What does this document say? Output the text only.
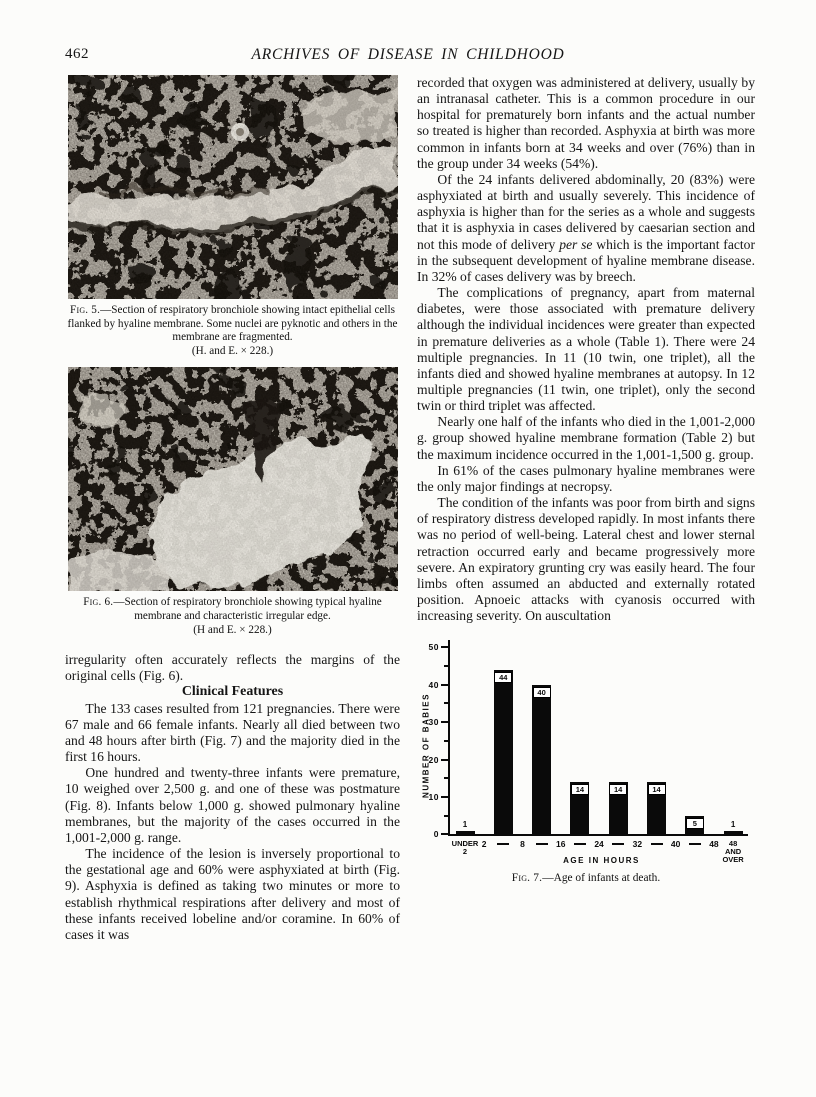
462	ARCHIVES OF DISEASE IN CHILDHOOD
Fig. 5.—Section of respiratory bronchiole showing intact epithelial cells flanked by hyaline membrane. Some nuclei are pyknotic and others in the membrane are fragmented.
(H. and E. × 228.)
Fig. 6.—Section of respiratory bronchiole showing typical hyaline membrane and characteristic irregular edge.
(H and E. × 228.)

irregularity often accurately reflects the margins of the original cells (Fig. 6).

Clinical Features

The 133 cases resulted from 121 pregnancies. There were 67 male and 66 female infants. Nearly all died between two and 48 hours after birth (Fig. 7) and the majority died in the first 16 hours.

One hundred and twenty-three infants were premature, 10 weighed over 2,500 g. and one of these was postmature (Fig. 8). Infants below 1,000 g. showed pulmonary hyaline membranes, but the majority of the cases occurred in the 1,001-2,000 g. range.

The incidence of the lesion is inversely proportional to the gestational age and 60% were asphyxiated at birth (Fig. 9). Asphyxia is defined as taking two minutes or more to establish rhythmical respirations after delivery and most of these infants received lobeline and/or coramine. In 60% of cases it was

recorded that oxygen was administered at delivery, usually by an intranasal catheter. This is a common procedure in our hospital for prematurely born infants and the actual number so treated is higher than recorded. Asphyxia at birth was more common in infants born at 34 weeks and over (76%) than in the group under 34 weeks (54%).

Of the 24 infants delivered abdominally, 20 (83%) were asphyxiated at birth and usually severely. This incidence of asphyxia is higher than for the series as a whole and suggests that it is asphyxia in cases delivered by caesarian section and not this mode of delivery per se which is the important factor in the subsequent development of hyaline membrane disease. In 32% of cases delivery was by breech.

The complications of pregnancy, apart from maternal diabetes, were those associated with premature delivery although the individual incidences were greater than expected in premature deliveries as a whole (Table 1). There were 24 multiple pregnancies. In 11 (10 twin, one triplet), all the infants died and showed hyaline membranes at autopsy. In 12 multiple pregnancies (11 twin, one triplet), only the second twin or third triplet was affected.

Nearly one half of the infants who died in the 1,001-2,000 g. group showed hyaline membrane formation (Table 2) but the maximum incidence occurred in the 1,001-1,500 g. group.

In 61% of the cases pulmonary hyaline membranes were the only major findings at necropsy.

The condition of the infants was poor from birth and signs of respiratory distress developed rapidly. In most infants there was no period of well-being. Lateral chest and lower sternal retraction occurred early and became progressively more severe. An expiratory grunting cry was easily heard. The four limbs often assumed an abducted and externally rotated position. Apnoeic attacks with cyanosis occurred with increasing severity. On auscultation

0
10
20
30
40
50
NUMBER OF BABIES
1
44
40
14	14	14
5	1
2	8	16	24	32	40	48
UNDER
2
48
AND
OVER
AGE IN HOURS
Fig. 7.—Age of infants at death.
